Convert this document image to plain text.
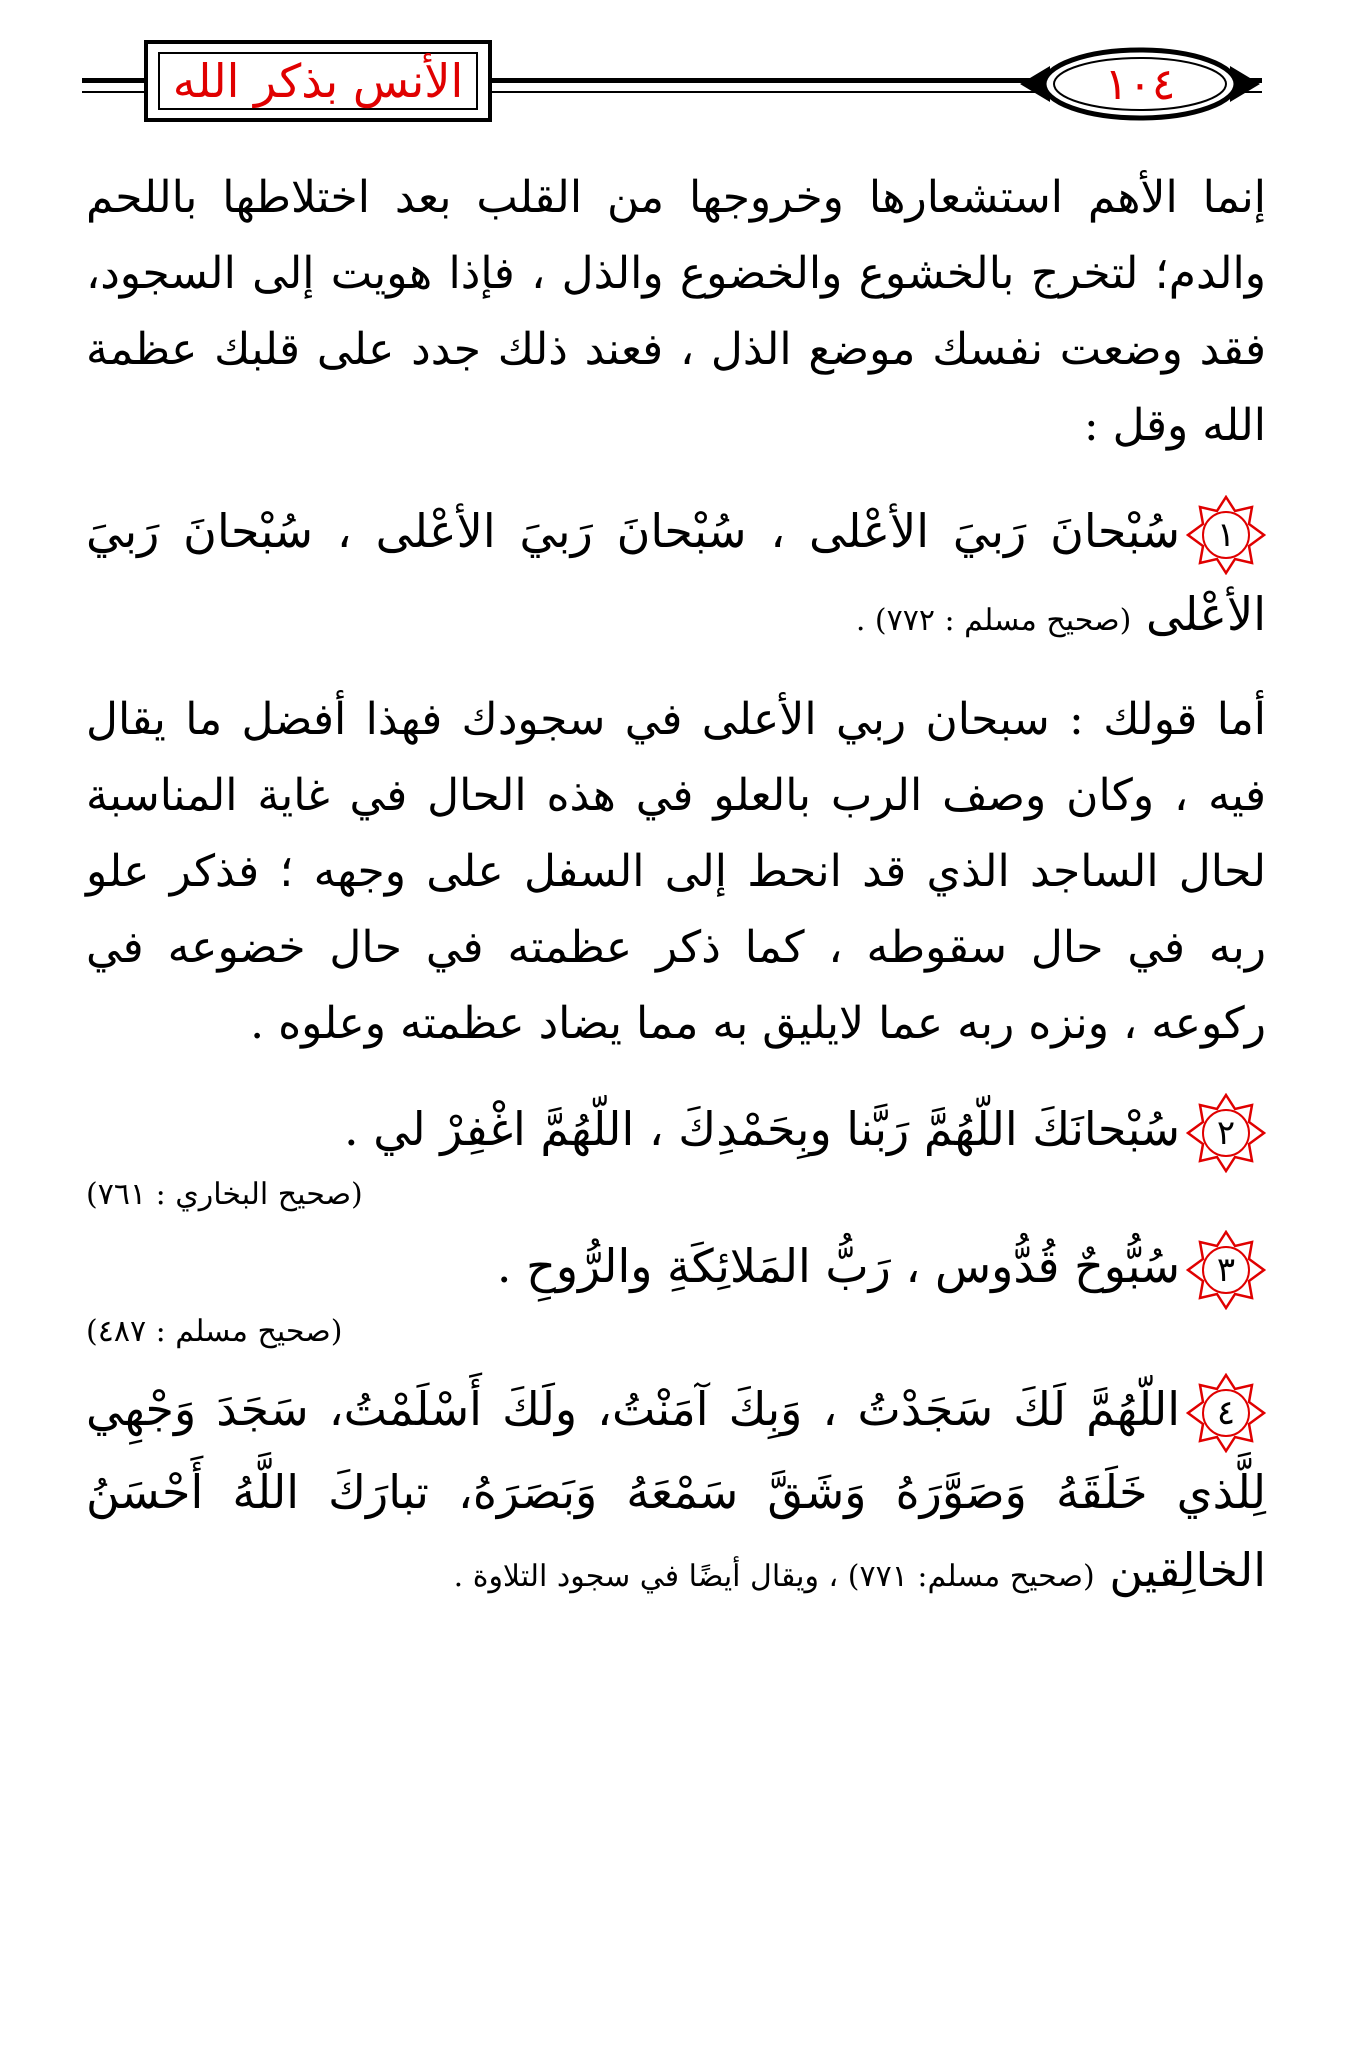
١٠٤
الأنس بذكر الله

إنما الأهم استشعارها وخروجها من القلب بعد اختلاطها باللحم والدم؛ لتخرج بالخشوع والخضوع والذل ، فإذا هويت إلى السجود، فقد وضعت نفسك موضع الذل ، فعند ذلك جدد على قلبك عظمة الله وقل :

١
سُبْحانَ رَبيَ الأعْلى ، سُبْحانَ رَبيَ الأعْلى ، سُبْحانَ رَبيَ الأعْلى (صحيح مسلم : ٧٧٢) .

أما قولك : سبحان ربي الأعلى في سجودك فهذا أفضل ما يقال فيه ، وكان وصف الرب بالعلو في هذه الحال في غاية المناسبة لحال الساجد الذي قد انحط إلى السفل على وجهه ؛ فذكر علو ربه في حال سقوطه ، كما ذكر عظمته في حال خضوعه في ركوعه ، ونزه ربه عما لايليق به مما يضاد عظمته وعلوه .

٢
سُبْحانَكَ اللّهُمَّ رَبَّنا وبِحَمْدِكَ ، اللّهُمَّ اغْفِرْ لي .

(صحيح البخاري : ٧٦١)

٣
سُبُّوحٌ قُدُّوس ، رَبُّ المَلائِكَةِ والرُّوحِ .

(صحيح مسلم : ٤٨٧)

٤
اللّهُمَّ لَكَ سَجَدْتُ ، وَبِكَ آمَنْتُ، ولَكَ أَسْلَمْتُ، سَجَدَ وَجْهِي لِلَّذي خَلَقَهُ وَصَوَّرَهُ وَشَقَّ سَمْعَهُ وَبَصَرَهُ، تبارَكَ اللَّهُ أَحْسَنُ الخالِقين (صحيح مسلم: ٧٧١) ، ويقال أيضًا في سجود التلاوة .
